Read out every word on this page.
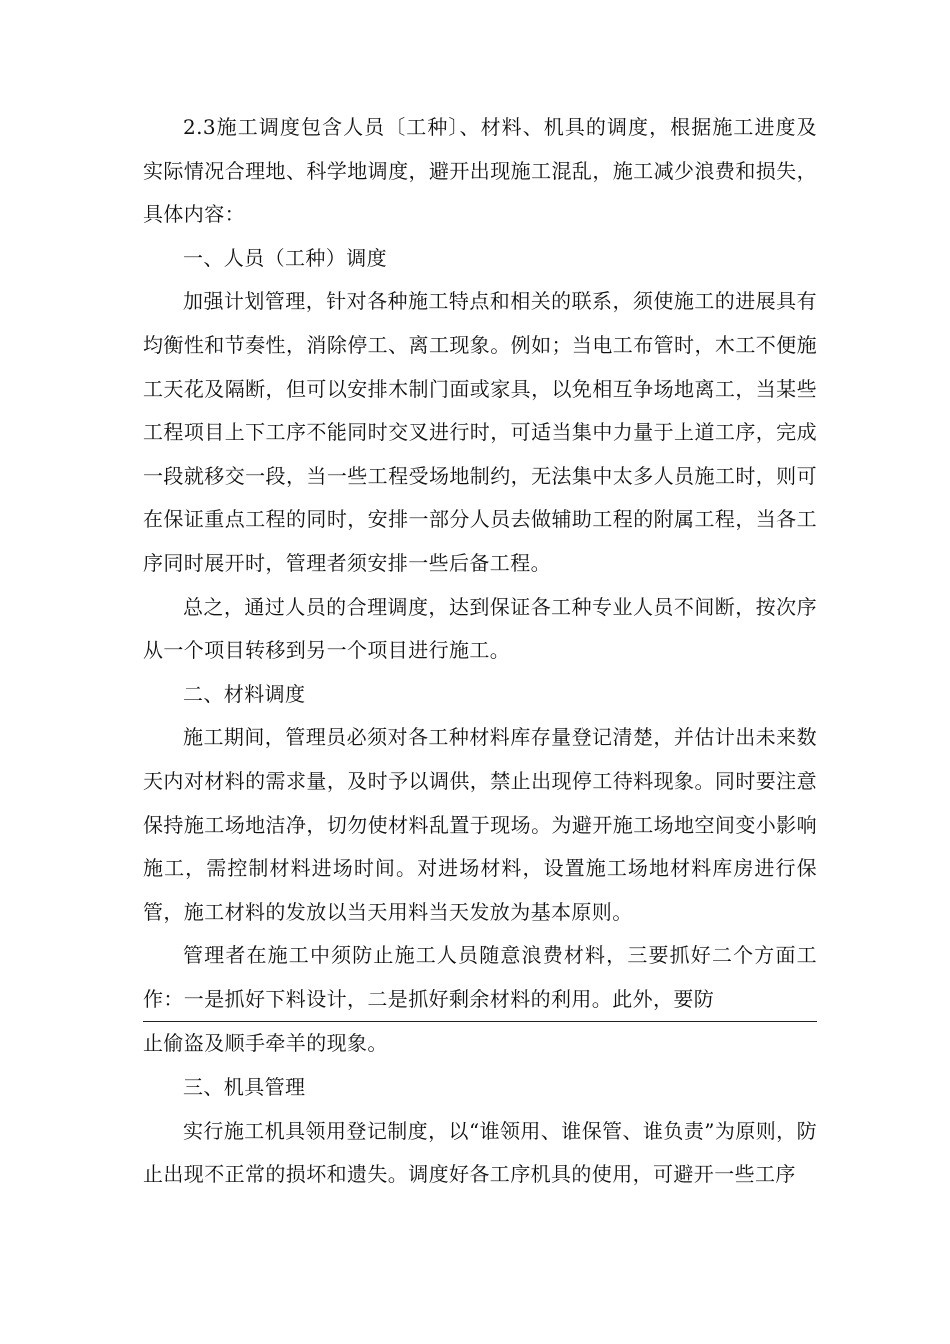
2.3施工调度包含人员〔工种〕、材料、机具的调度，根据施工进度及实际情况合理地、科学地调度，避开出现施工混乱，施工减少浪费和损失，具体内容：

一、人员（工种）调度

加强计划管理，针对各种施工特点和相关的联系，须使施工的进展具有均衡性和节奏性，消除停工、离工现象。例如；当电工布管时，木工不便施工天花及隔断，但可以安排木制门面或家具，以免相互争场地离工，当某些工程项目上下工序不能同时交叉进行时，可适当集中力量于上道工序，完成一段就移交一段，当一些工程受场地制约，无法集中太多人员施工时，则可在保证重点工程的同时，安排一部分人员去做辅助工程的附属工程，当各工序同时展开时，管理者须安排一些后备工程。

总之，通过人员的合理调度，达到保证各工种专业人员不间断，按次序从一个项目转移到另一个项目进行施工。

二、材料调度

施工期间，管理员必须对各工种材料库存量登记清楚，并估计出未来数天内对材料的需求量，及时予以调供，禁止出现停工待料现象。同时要注意保持施工场地洁净，切勿使材料乱置于现场。为避开施工场地空间变小影响施工，需控制材料进场时间。对进场材料，设置施工场地材料库房进行保管，施工材料的发放以当天用料当天发放为基本原则。

管理者在施工中须防止施工人员随意浪费材料，三要抓好二个方面工作：一是抓好下料设计，二是抓好剩余材料的利用。此外，要防

止偷盗及顺手牵羊的现象。

三、机具管理

实行施工机具领用登记制度，以“谁领用、谁保管、谁负责”为原则，防止出现不正常的损坏和遗失。调度好各工序机具的使用，可避开一些工序
